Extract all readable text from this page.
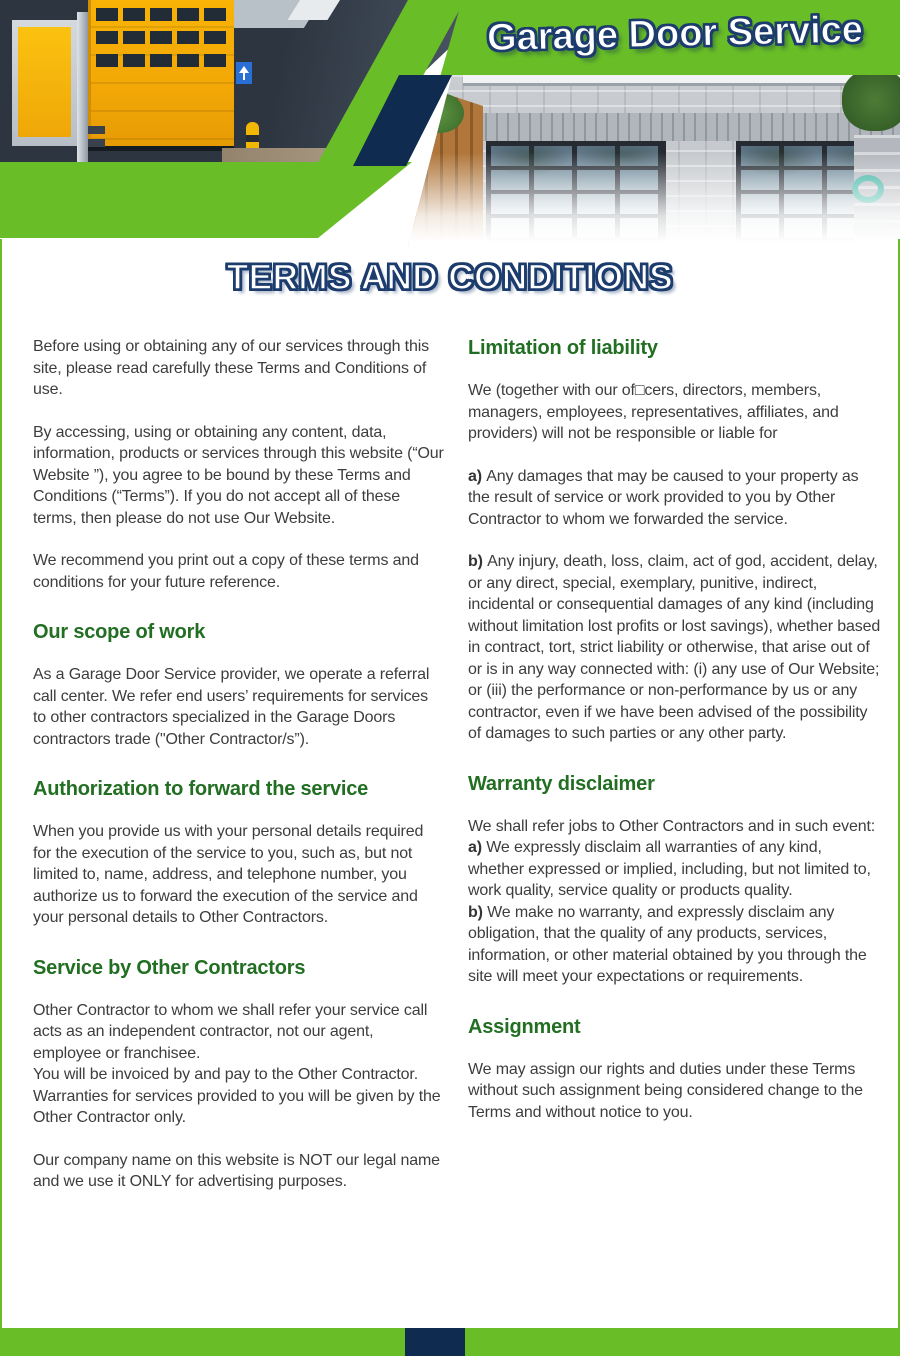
Garage Door Service
TERMS AND CONDITIONS

Before using or obtaining any of our services through this site, please read carefully these Terms and Conditions of use.

By accessing, using or obtaining any content, data, information, products or services through this website (“Our Website ”), you agree to be bound by these Terms and Conditions (“Terms”). If you do not accept all of these terms, then please do not use Our Website.

We recommend you print out a copy of these terms and conditions for your future reference.

Our scope of work

As a Garage Door Service provider, we operate a referral call center. We refer end users’ requirements for services to other contractors specialized in the Garage Doors contractors trade ("Other Contractor/s”).

Authorization to forward the service

When you provide us with your personal details required for the execution of the service to you, such as, but not limited to, name, address, and telephone number, you authorize us to forward the execution of the service and your personal details to Other Contractors.

Service by Other Contractors

Other Contractor to whom we shall refer your service call acts as an independent contractor, not our agent, employee or franchisee.

You will be invoiced by and pay to the Other Contractor.

Warranties for services provided to you will be given by the Other Contractor only.

Our company name on this website is NOT our legal name and we use it ONLY for advertising purposes.

Limitation of liability

We (together with our of□cers, directors, members, managers, employees, representatives, affiliates, and providers) will not be responsible or liable for

a) Any damages that may be caused to your property as the result of service or work provided to you by Other Contractor to whom we forwarded the service.

b) Any injury, death, loss, claim, act of god, accident, delay, or any direct, special, exemplary, punitive, indirect, incidental or consequential damages of any kind (including without limitation lost profits or lost savings), whether based in contract, tort, strict liability or otherwise, that arise out of or is in any way connected with: (i) any use of Our Website; or (iii) the performance or non-performance by us or any contractor, even if we have been advised of the possibility of damages to such parties or any other party.

Warranty disclaimer

We shall refer jobs to Other Contractors and in such event:

a) We expressly disclaim all warranties of any kind, whether expressed or implied, including, but not limited to, work quality, service quality or products quality.

b) We make no warranty, and expressly disclaim any obligation, that the quality of any products, services, information, or other material obtained by you through the site will meet your expectations or requirements.

Assignment

We may assign our rights and duties under these Terms without such assignment being considered change to the Terms and without notice to you.
